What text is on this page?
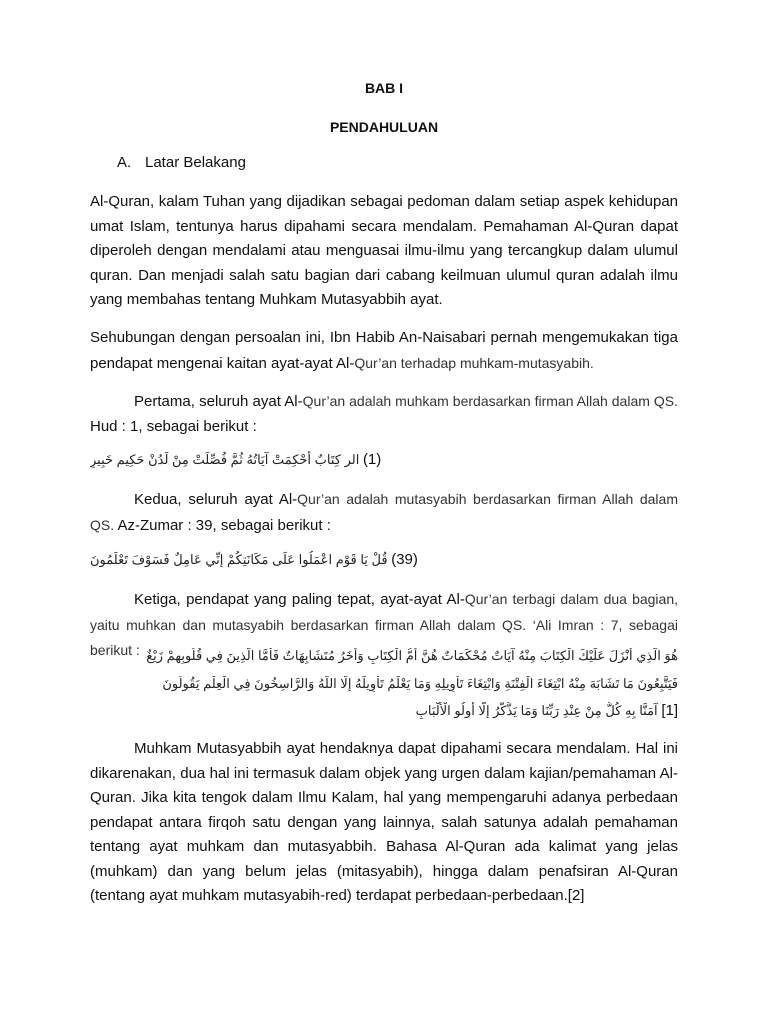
BAB I
PENDAHULUAN
A. Latar Belakang

Al-Quran, kalam Tuhan yang dijadikan sebagai pedoman dalam setiap aspek kehidupan umat Islam, tentunya harus dipahami secara mendalam. Pemahaman Al-Quran dapat diperoleh dengan mendalami atau menguasai ilmu-ilmu yang tercangkup dalam ulumul quran. Dan menjadi salah satu bagian dari cabang keilmuan ulumul quran adalah ilmu yang membahas tentang Muhkam Mutasyabbih ayat.

Sehubungan dengan persoalan ini, Ibn Habib An-Naisabari pernah mengemukakan tiga pendapat mengenai kaitan ayat-ayat Al-Qur’an terhadap muhkam-mutasyabih.

Pertama, seluruh ayat Al-Qur’an adalah muhkam berdasarkan firman Allah dalam QS. Hud : 1, sebagai berikut :

الر كِتَابٌ أُحْكِمَتْ آيَاتُهُ ثُمَّ فُصِّلَتْ مِنْ لَدُنْ حَكِيمٍ خَبِيرٍ (1)

Kedua, seluruh ayat Al-Qur’an adalah mutasyabih berdasarkan firman Allah dalam QS. Az-Zumar : 39, sebagai berikut :

قُلْ يَا قَوْمِ اعْمَلُوا عَلَى مَكَانَتِكُمْ إِنِّي عَامِلٌ فَسَوْفَ تَعْلَمُونَ (39)

Ketiga, pendapat yang paling tepat, ayat-ayat Al-Qur’an terbagi dalam dua bagian, yaitu muhkan dan mutasyabih berdasarkan firman Allah dalam QS. ‘Ali Imran : 7, sebagai berikut : هُوَ الَّذِي أَنْزَلَ عَلَيْكَ الْكِتَابَ مِنْهُ آيَاتٌ مُحْكَمَاتٌ هُنَّ أُمُّ الْكِتَابِ وَأُخَرُ مُتَشَابِهَاتٌ فَأَمَّا الَّذِينَ فِي قُلُوبِهِمْ زَيْغٌ
فَيَتَّبِعُونَ مَا تَشَابَهَ مِنْهُ ابْتِغَاءَ الْفِتْنَةِ وَابْتِغَاءَ تَأْوِيلِهِ وَمَا يَعْلَمُ تَأْوِيلَهُ إِلَّا اللَّهُ وَالرَّاسِخُونَ فِي الْعِلْمِ يَقُولُونَ
آمَنَّا بِهِ كُلٌّ مِنْ عِنْدِ رَبِّنَا وَمَا يَذَّكَّرُ إِلَّا أُولُو الْأَلْبَابِ [1]

Muhkam Mutasyabbih ayat hendaknya dapat dipahami secara mendalam. Hal ini dikarenakan, dua hal ini termasuk dalam objek yang urgen dalam kajian/pemahaman Al-Quran. Jika kita tengok dalam Ilmu Kalam, hal yang mempengaruhi adanya perbedaan pendapat antara firqoh satu dengan yang lainnya, salah satunya adalah pemahaman tentang ayat muhkam dan mutasyabbih. Bahasa Al-Quran ada kalimat yang jelas (muhkam) dan yang belum jelas (mitasyabih), hingga dalam penafsiran Al-Quran (tentang ayat muhkam mutasyabih-red) terdapat perbedaan-perbedaan.[2]
